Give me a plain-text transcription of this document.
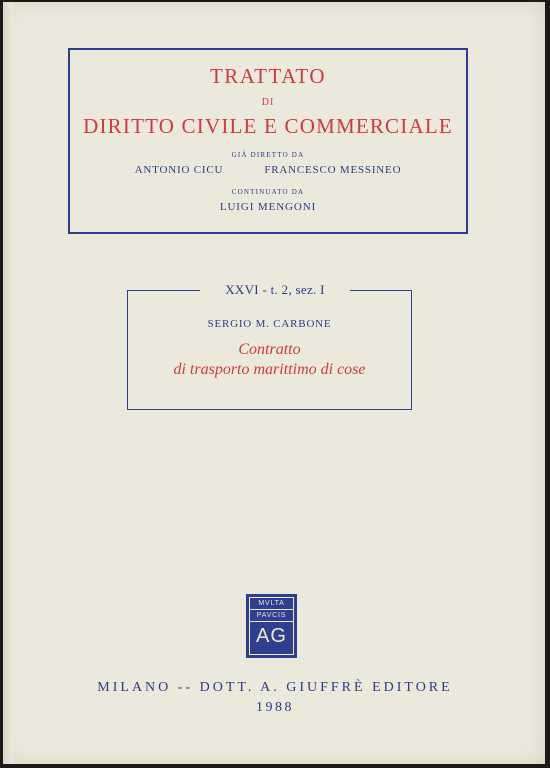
TRATTATO
DI
DIRITTO CIVILE E COMMERCIALE
GIÀ DIRETTO DA
ANTONIO CICU	FRANCESCO MESSINEO
CONTINUATO DA
LUIGI MENGONI
SERGIO M. CARBONE
Contratto
di trasporto marittimo di cose
XXVI - t. 2, sez. I
MVLTA
PAVCIS
AG
MILANO -- DOTT. A. GIUFFRÈ EDITORE
1988
